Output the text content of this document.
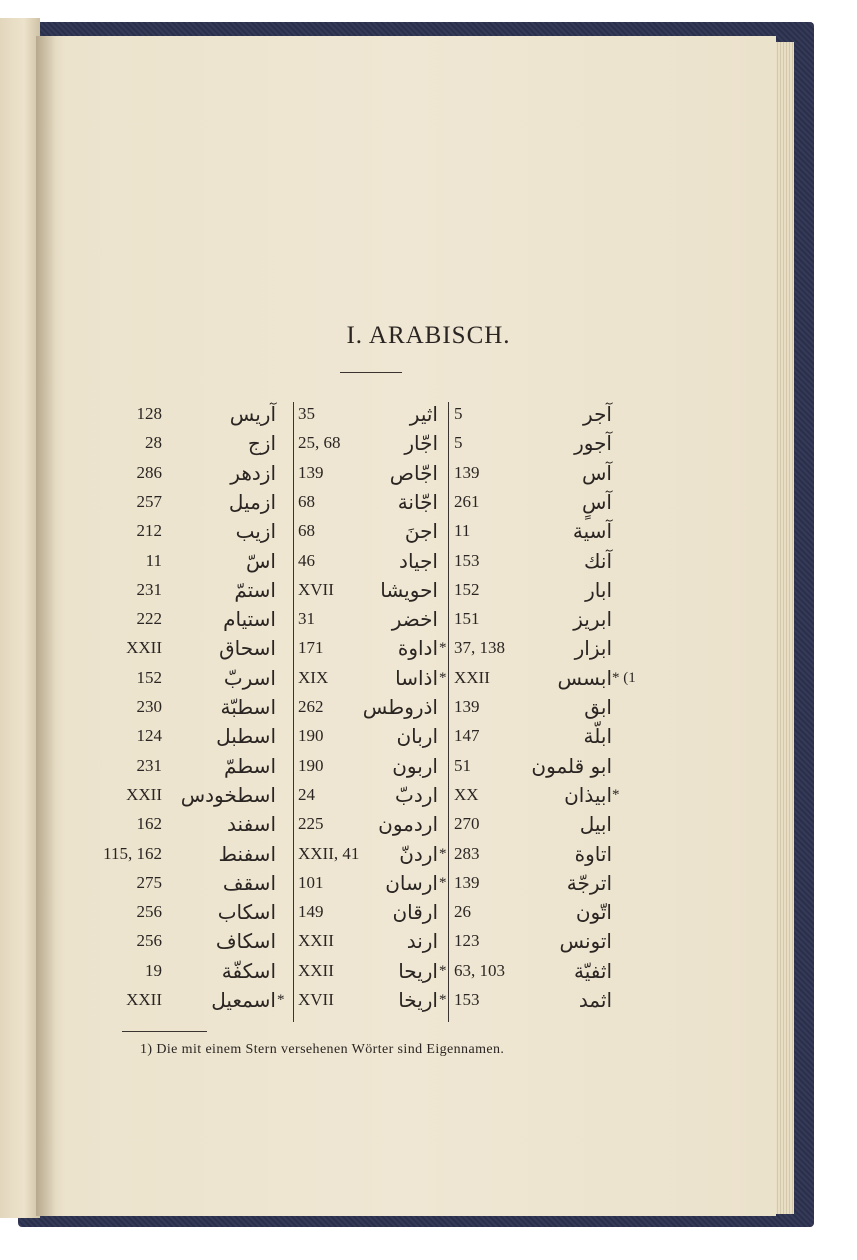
I. ARABISCH.
آجر
5
اثير
35
آريس
128
آجور
5
اجّار
25, 68
ازج
28
آس
139
اجّاص
139
ازدهر
286
آسٍ
261
اجّانة
68
ازميل
257
آسية
11
اجنَ
68
ازيب
212
آنك
153
اجياد
46
اسّ
11
ابار
152
احويشا
XVII
استمّ
231
ابريز
151
اخضر
31
استيام
222
ابزار
37, 138
اداوة *
171
اسحاق
XXII
ابسس * (1
XXII
اذاسا *
XIX
اسربّ
152
ابق
139
اذروطس
262
اسطبّة
230
ابلّة
147
اربان
190
اسطبل
124
ابو قلمون
51
اربون
190
اسطمّ
231
ابيذان *
XX
اردبّ
24
اسطخودس
XXII
ابيل
270
اردمون
225
اسفند
162
اتاوة
283
اردنّ *
XXII, 41
اسفنط
115, 162
اترجّة
139
ارسان *
101
اسقف
275
اتّون
26
ارقان
149
اسكاب
256
اتونس
123
ارند
XXII
اسكاف
256
اثفيّة
63, 103
اريحا *
XXII
اسكفّة
19
اثمد
153
اريخا *
XVII
اسمعيل *
XXII
1) Die mit einem Stern versehenen Wörter sind Eigennamen.
